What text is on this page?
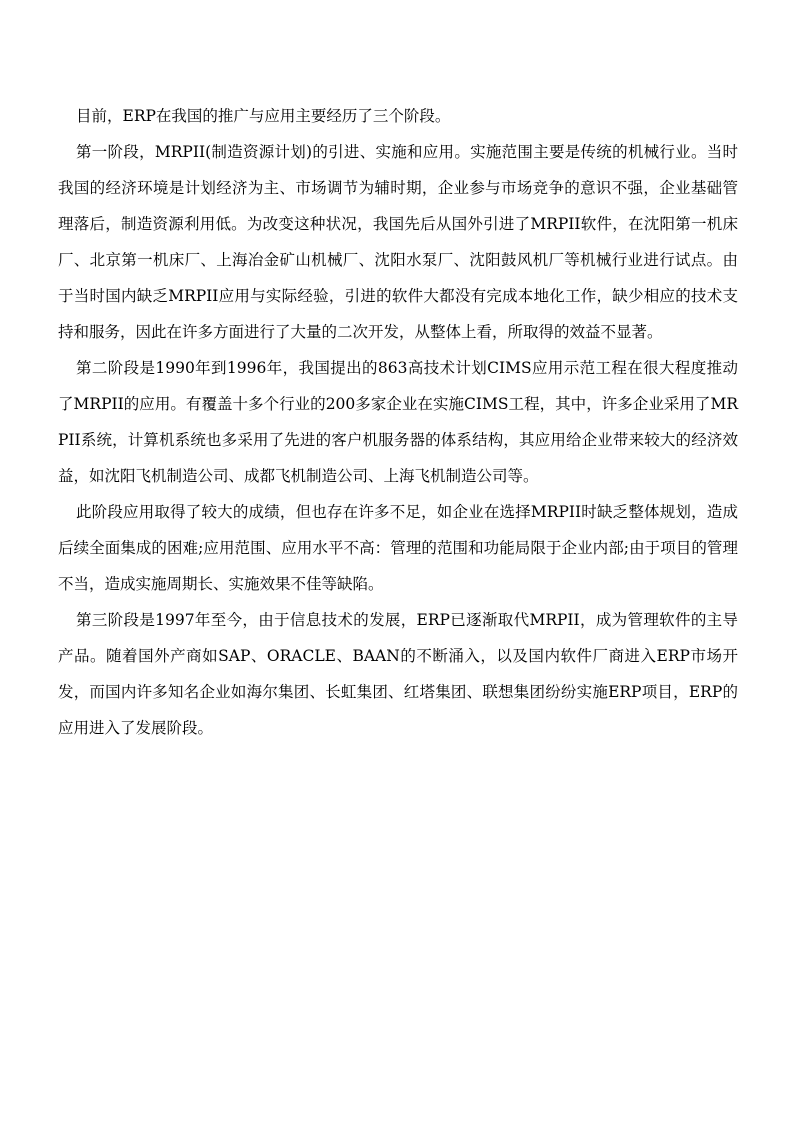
目前，ERP在我国的推广与应用主要经历了三个阶段。

第一阶段，MRPII(制造资源计划)的引进、实施和应用。实施范围主要是传统的机械行业。当时我国的经济环境是计划经济为主、市场调节为辅时期，企业参与市场竞争的意识不强，企业基础管理落后，制造资源利用低。为改变这种状况，我国先后从国外引进了MRPII软件，在沈阳第一机床厂、北京第一机床厂、上海冶金矿山机械厂、沈阳水泵厂、沈阳鼓风机厂等机械行业进行试点。由于当时国内缺乏MRPII应用与实际经验，引进的软件大都没有完成本地化工作，缺少相应的技术支持和服务，因此在许多方面进行了大量的二次开发，从整体上看，所取得的效益不显著。

第二阶段是1990年到1996年，我国提出的863高技术计划CIMS应用示范工程在很大程度推动了MRPII的应用。有覆盖十多个行业的200多家企业在实施CIMS工程，其中，许多企业采用了MRPII系统，计算机系统也多采用了先进的客户机服务器的体系结构，其应用给企业带来较大的经济效益，如沈阳飞机制造公司、成都飞机制造公司、上海飞机制造公司等。

此阶段应用取得了较大的成绩，但也存在许多不足，如企业在选择MRPII时缺乏整体规划，造成后续全面集成的困难;应用范围、应用水平不高：管理的范围和功能局限于企业内部;由于项目的管理不当，造成实施周期长、实施效果不佳等缺陷。

第三阶段是1997年至今，由于信息技术的发展，ERP已逐渐取代MRPII，成为管理软件的主导产品。随着国外产商如SAP、ORACLE、BAAN的不断涌入，以及国内软件厂商进入ERP市场开发，而国内许多知名企业如海尔集团、长虹集团、红塔集团、联想集团纷纷实施ERP项目，ERP的应用进入了发展阶段。
